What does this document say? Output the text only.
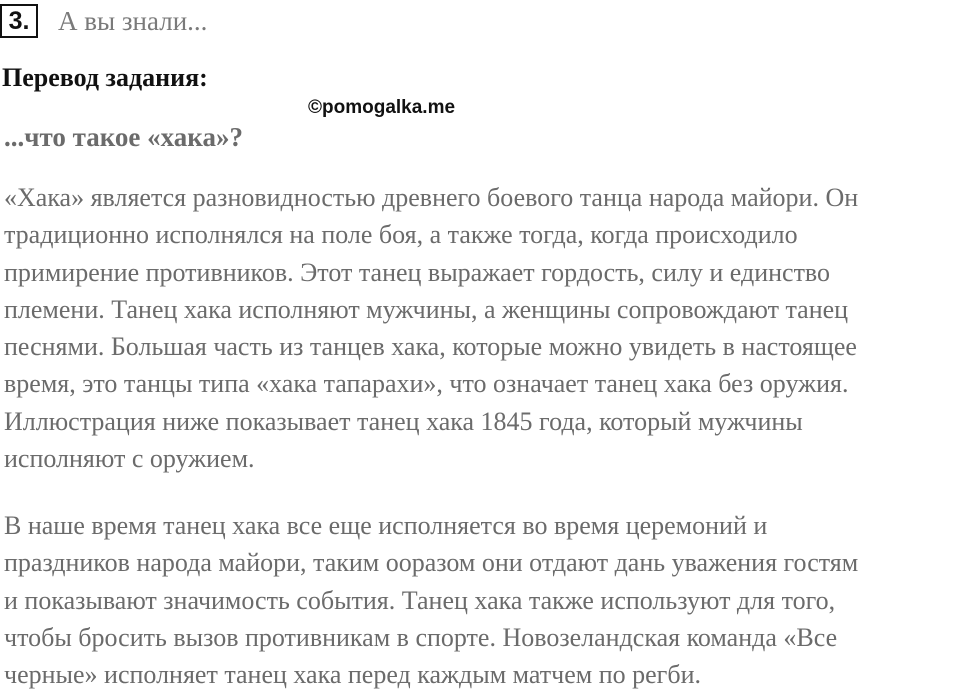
3.	А вы знали...
Перевод задания:
©pomogalka.me
...что такое «хака»?

«Хака» является разновидностью древнего боевого танца народа майори. Он
традиционно исполнялся на поле боя, а также тогда, когда происходило
примирение противников. Этот танец выражает гордость, силу и единство
племени. Танец хака исполняют мужчины, а женщины сопровождают танец
песнями. Большая часть из танцев хака, которые можно увидеть в настоящее
время, это танцы типа «хака тапарахи», что означает танец хака без оружия.
Иллюстрация ниже показывает танец хака 1845 года, который мужчины
исполняют с оружием.

В наше время танец хака все еще исполняется во время церемоний и
праздников народа майори, таким ооразом они отдают дань уважения гостям
и показывают значимость события. Танец хака также используют для того,
чтобы бросить вызов противникам в спорте. Новозеландская команда «Все
черные» исполняет танец хака перед каждым матчем по регби.
